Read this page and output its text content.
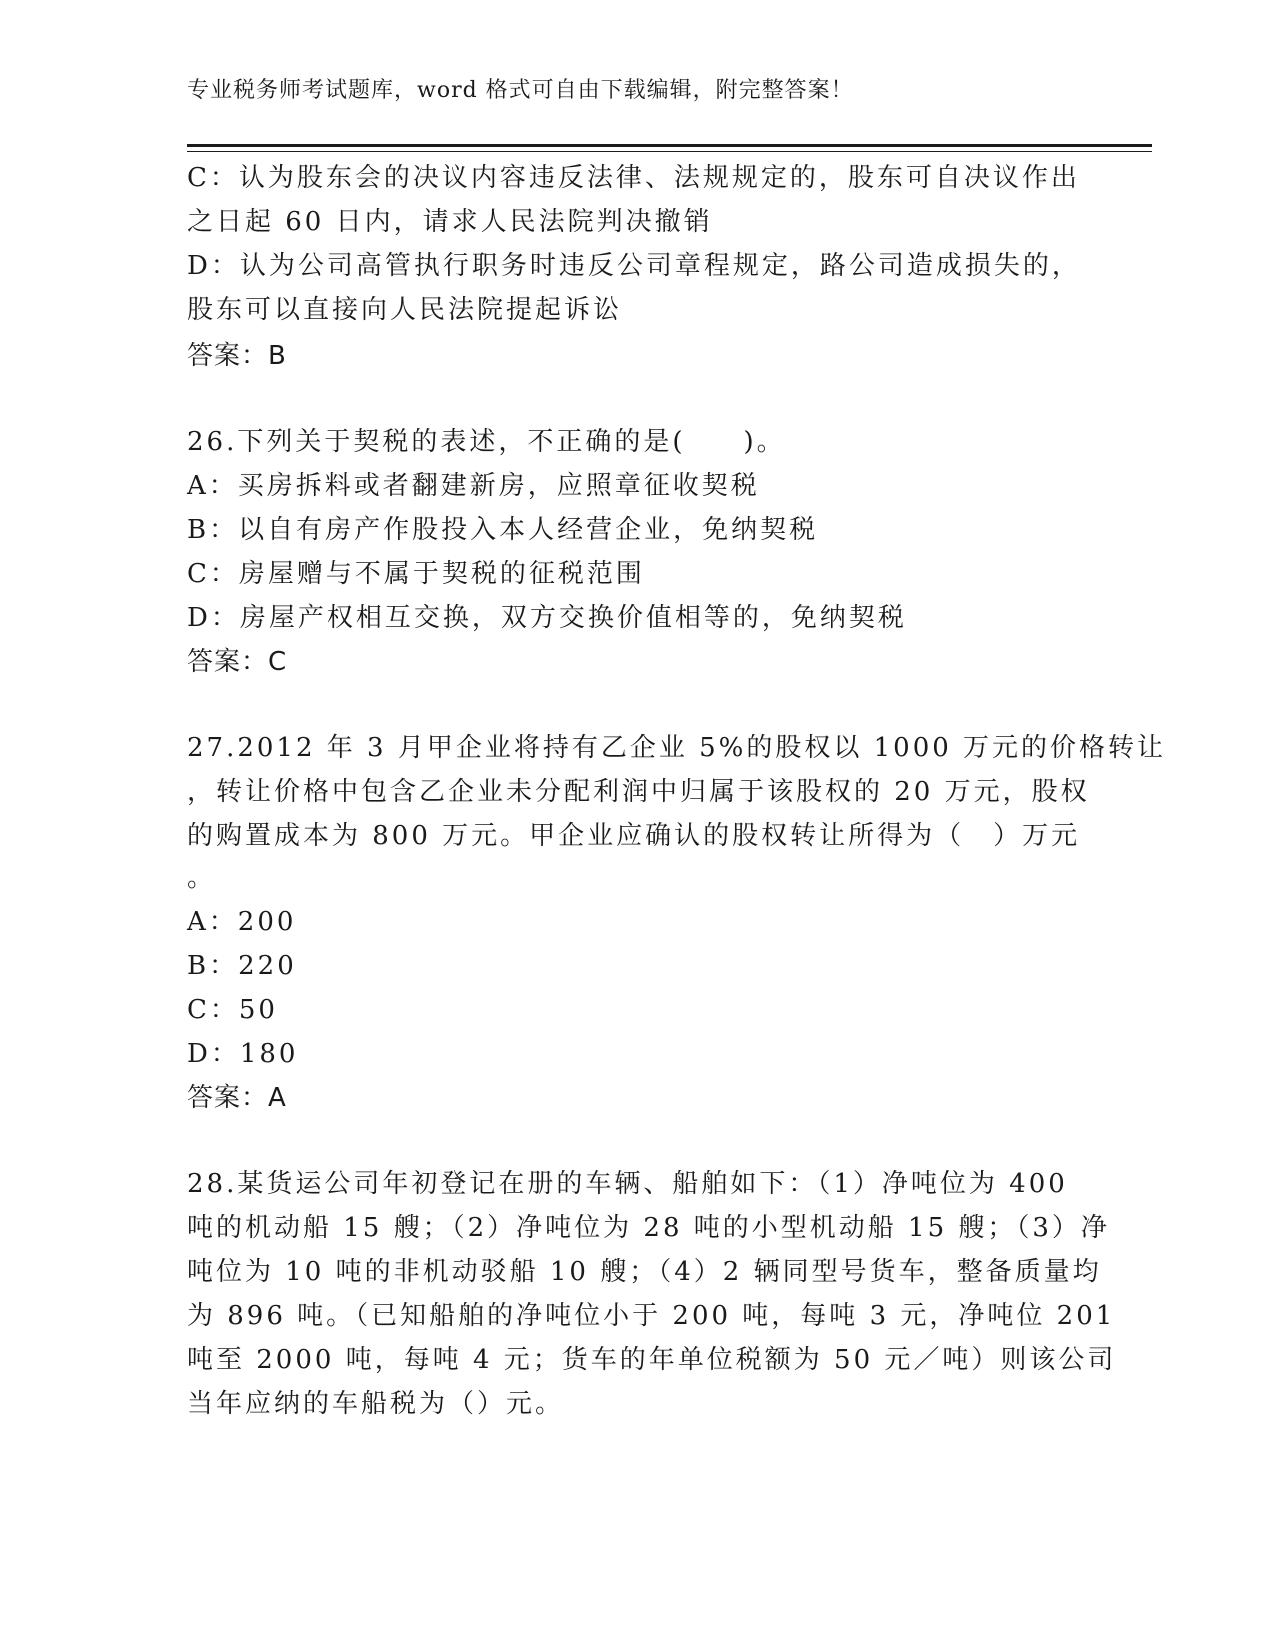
专业税务师考试题库，word 格式可自由下载编辑，附完整答案！
C：认为股东会的决议内容违反法律、法规规定的，股东可自决议作出
之日起 60 日内，请求人民法院判决撤销
D：认为公司高管执行职务时违反公司章程规定，路公司造成损失的，
股东可以直接向人民法院提起诉讼
答案：B
26.下列关于契税的表述，不正确的是(　　)。
A：买房拆料或者翻建新房，应照章征收契税
B：以自有房产作股投入本人经营企业，免纳契税
C：房屋赠与不属于契税的征税范围
D：房屋产权相互交换，双方交换价值相等的，免纳契税
答案：C
27.2012 年 3 月甲企业将持有乙企业 5%的股权以 1000 万元的价格转让
，转让价格中包含乙企业未分配利润中归属于该股权的 20 万元，股权
的购置成本为 800 万元。甲企业应确认的股权转让所得为（　）万元
。
A：200
B：220
C：50
D：180
答案：A
28.某货运公司年初登记在册的车辆、船舶如下：（1）净吨位为 400
吨的机动船 15 艘；（2）净吨位为 28 吨的小型机动船 15 艘；（3）净
吨位为 10 吨的非机动驳船 10 艘；（4）2 辆同型号货车，整备质量均
为 896 吨。（已知船舶的净吨位小于 200 吨，每吨 3 元，净吨位 201
吨至 2000 吨，每吨 4 元；货车的年单位税额为 50 元／吨）则该公司
当年应纳的车船税为（）元。
